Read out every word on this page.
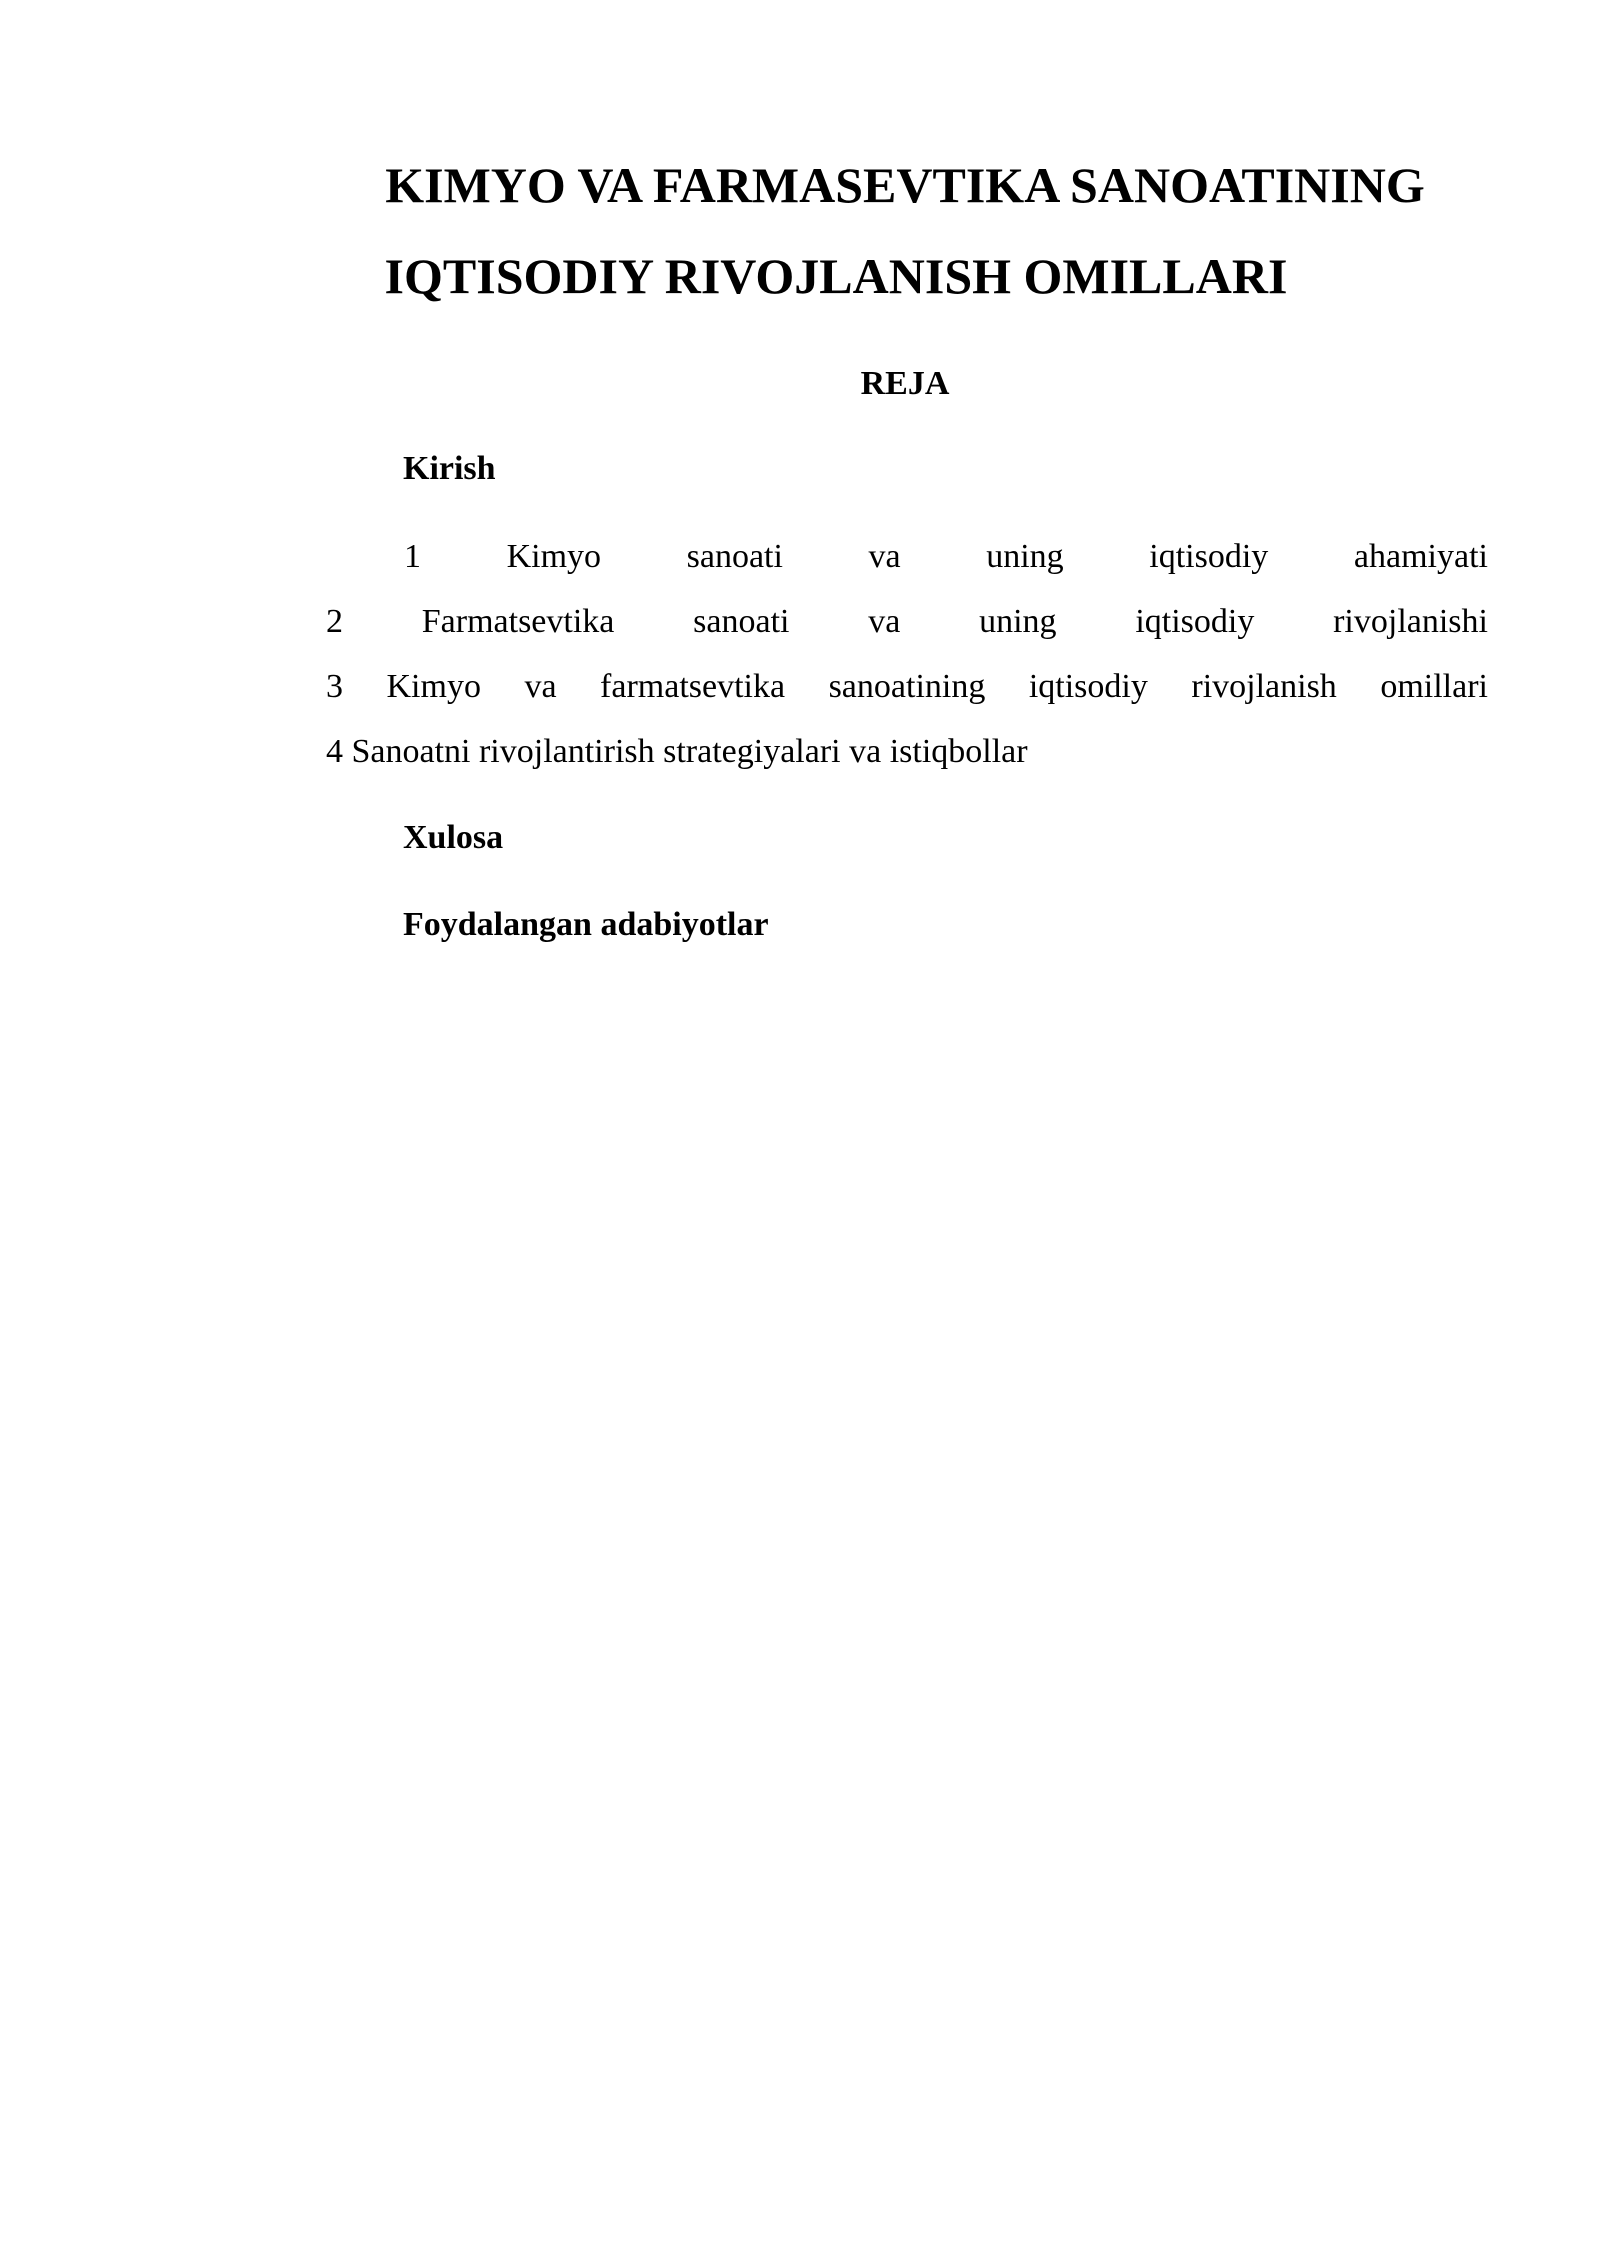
KIMYO VA FARMASEVTIKA SANOATINING
IQTISODIY RIVOJLANISH OMILLARI
REJA
Kirish
1	Kimyo	sanoati	va	uning	iqtisodiy	ahamiyati
2 Farmatsevtika sanoati va uning iqtisodiy rivojlanishi
3 Kimyo va farmatsevtika sanoatining iqtisodiy rivojlanish omillari
4 Sanoatni rivojlantirish strategiyalari va istiqbollar
Xulosa
Foydalangan adabiyotlar
